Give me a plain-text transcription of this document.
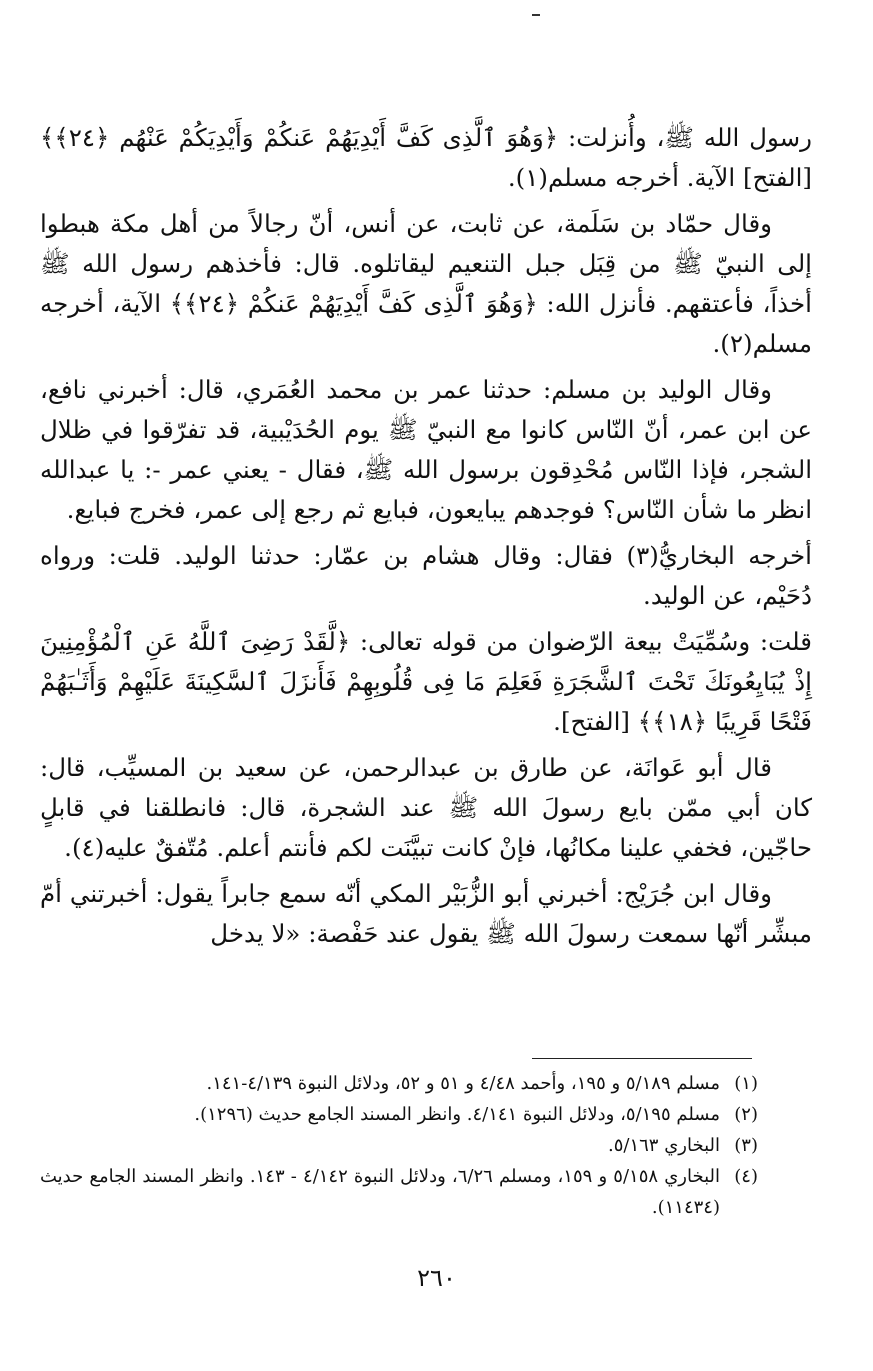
رسول الله ﷺ، وأُنزلت: ﴿وَهُوَ ٱلَّذِى كَفَّ أَيْدِيَهُمْ عَنكُمْ وَأَيْدِيَكُمْ عَنْهُم ﴿٢٤﴾﴾ [الفتح] الآية. أخرجه مسلم(١).

وقال حمّاد بن سَلَمة، عن ثابت، عن أنس، أنّ رجالاً من أهل مكة هبطوا إلى النبيّ ﷺ من قِبَل جبل التنعيم ليقاتلوه. قال: فأخذهم رسول الله ﷺ أخذاً، فأعتقهم. فأنزل الله: ﴿وَهُوَ ٱلَّذِى كَفَّ أَيْدِيَهُمْ عَنكُمْ ﴿٢٤﴾﴾ الآية، أخرجه مسلم(٢).

وقال الوليد بن مسلم: حدثنا عمر بن محمد العُمَري، قال: أخبرني نافع، عن ابن عمر، أنّ النّاس كانوا مع النبيّ ﷺ يوم الحُدَيْبية، قد تفرّقوا في ظلال الشجر، فإذا النّاس مُحْدِقون برسول الله ﷺ، فقال - يعني عمر -: يا عبدالله انظر ما شأن النّاس؟ فوجدهم يبايعون، فبايع ثم رجع إلى عمر، فخرج فبايع.

أخرجه البخاريُّ(٣) فقال: وقال هشام بن عمّار: حدثنا الوليد. قلت: ورواه دُحَيْم، عن الوليد.

قلت: وسُمِّيَتْ بيعة الرّضوان من قوله تعالى: ﴿لَّقَدْ رَضِىَ ٱللَّهُ عَنِ ٱلْمُؤْمِنِينَ إِذْ يُبَايِعُونَكَ تَحْتَ ٱلشَّجَرَةِ فَعَلِمَ مَا فِى قُلُوبِهِمْ فَأَنزَلَ ٱلسَّكِينَةَ عَلَيْهِمْ وَأَثَـٰبَهُمْ فَتْحًا قَرِيبًا ﴿١٨﴾﴾ [الفتح].

قال أبو عَوانَة، عن طارق بن عبدالرحمن، عن سعيد بن المسيِّب، قال: كان أبي ممّن بايع رسولَ الله ﷺ عند الشجرة، قال: فانطلقنا في قابلٍ حاجّين، فخفي علينا مكانُها، فإنْ كانت تبيَّنَت لكم فأنتم أعلم. مُتّفقٌ عليه(٤).

وقال ابن جُرَيْج: أخبرني أبو الزُّبَيْر المكي أنّه سمع جابراً يقول: أخبرتني أمّ مبشِّر أنّها سمعت رسولَ الله ﷺ يقول عند حَفْصة: «لا يدخل

(١)
مسلم ٥/١٨٩ و ١٩٥، وأحمد ٤/٤٨ و ٥١ و ٥٢، ودلائل النبوة ٤/١٣٩-١٤١.
(٢)
مسلم ٥/١٩٥، ودلائل النبوة ٤/١٤١. وانظر المسند الجامع حديث (١٢٩٦).
(٣)
البخاري ٥/١٦٣.
(٤)
البخاري ٥/١٥٨ و ١٥٩، ومسلم ٦/٢٦، ودلائل النبوة ٤/١٤٢ - ١٤٣. وانظر المسند الجامع حديث (١١٤٣٤).
٢٦٠
